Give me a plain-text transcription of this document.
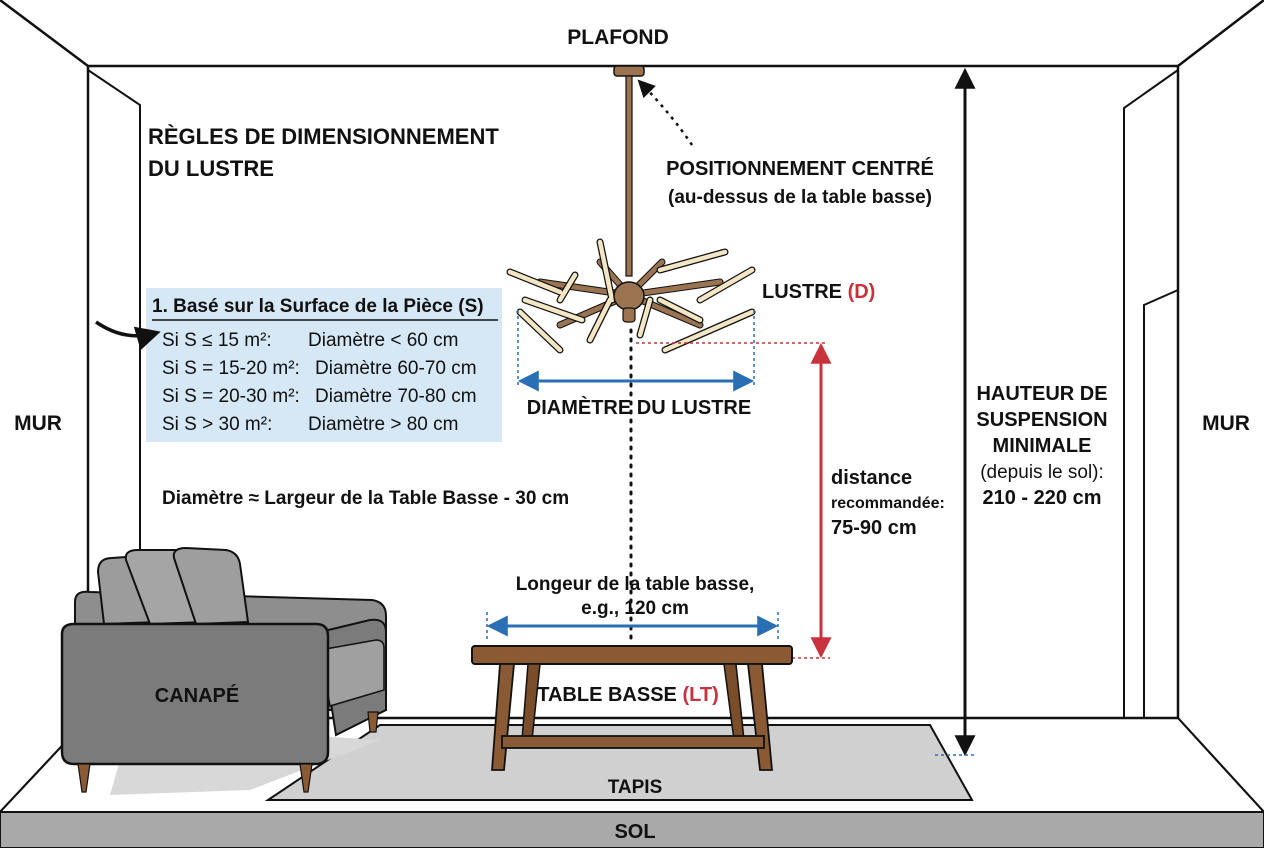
TAPIS
SOL
PLAFOND
MUR	MUR
RÈGLES DE DIMENSIONNEMENT
DU LUSTRE	POSITIONNEMENT CENTRÉ
(au-dessus de la table basse)
LUSTRE (D)
DIAMÈTRE DU LUSTRE
1. Basé sur la Surface de la Pièce (S)
Si S ≤ 15 m²: Diamètre < 60 cm
Si S = 15-20 m²: Diamètre 60-70 cm
Si S = 20-30 m²: Diamètre 70-80 cm
Si S > 30 m²: Diamètre > 80 cm
Diamètre ≈ Largeur de la Table Basse - 30 cm
distance
recommandée:
75-90 cm
HAUTEUR DE
SUSPENSION
MINIMALE
(depuis le sol):
210 - 220 cm
CANAPÉ	TABLE BASSE (LT)
Longeur de la table basse,
e.g., 120 cm
